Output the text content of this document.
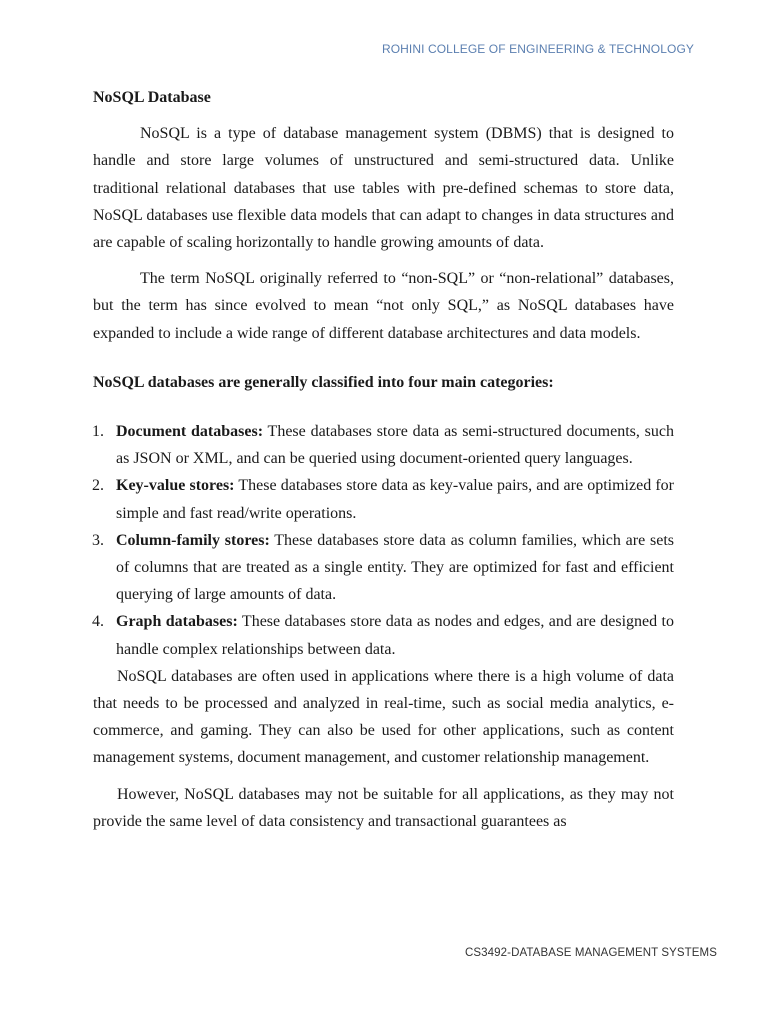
ROHINI COLLEGE OF ENGINEERING & TECHNOLOGY
NoSQL Database

NoSQL is a type of database management system (DBMS) that is designed to handle and store large volumes of unstructured and semi-structured data. Unlike traditional relational databases that use tables with pre-defined schemas to store data, NoSQL databases use flexible data models that can adapt to changes in data structures and are capable of scaling horizontally to handle growing amounts of data.

The term NoSQL originally referred to “non-SQL” or “non-relational” databases, but the term has since evolved to mean “not only SQL,” as NoSQL databases have expanded to include a wide range of different database architectures and data models.

NoSQL databases are generally classified into four main categories:

1. Document databases: These databases store data as semi-structured documents, such as JSON or XML, and can be queried using document-oriented query languages.
2. Key-value stores: These databases store data as key-value pairs, and are optimized for simple and fast read/write operations.
3. Column-family stores: These databases store data as column families, which are sets of columns that are treated as a single entity. They are optimized for fast and efficient querying of large amounts of data.
4. Graph databases: These databases store data as nodes and edges, and are designed to handle complex relationships between data.

NoSQL databases are often used in applications where there is a high volume of data that needs to be processed and analyzed in real-time, such as social media analytics, e-commerce, and gaming. They can also be used for other applications, such as content management systems, document management, and customer relationship management.

However, NoSQL databases may not be suitable for all applications, as they may not provide the same level of data consistency and transactional guarantees as

CS3492-DATABASE MANAGEMENT SYSTEMS
